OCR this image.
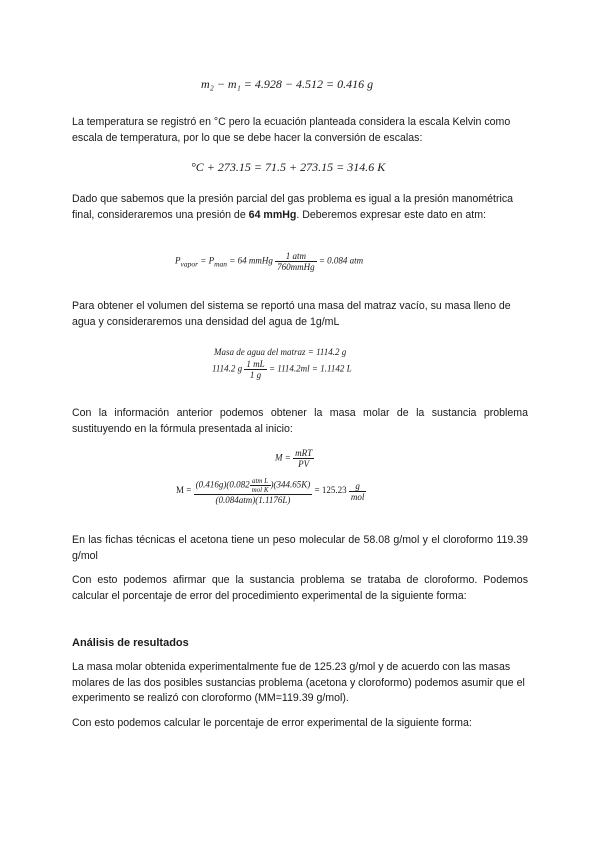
m₂ − m₁ = 4.928 − 4.512 = 0.416 g

La temperatura se registró en °C pero la ecuación planteada considera la escala Kelvin como escala de temperatura, por lo que se debe hacer la conversión de escalas:

°C + 273.15 = 71.5 + 273.15 = 314.6 K

Dado que sabemos que la presión parcial del gas problema es igual a la presión manométrica final, consideraremos una presión de 64 mmHg. Deberemos expresar este dato en atm:

$P_{vapor} = P_{man} = 64$ mmHg $\frac{\text{1 atm}}{\text{760mmHg}} = 0.084$ atm

Para obtener el volumen del sistema se reportó una masa del matraz vacío, su masa lleno de agua y consideraremos una densidad del agua de 1g/mL

Masa de agua del matraz = 1114.2 g
1114.2 g $\frac{1 mL}{1 g} = 1114.2ml = 1.1142$ L

Con la información anterior podemos obtener la masa molar de la sustancia problema sustituyendo en la fórmula presentada al inicio:

$M = \frac{\text{mRT}}{PV}$
$M = \frac{(0.416g)(0.082 \frac{\text{atm L}}{\text{mol K}} )(344.65K)}{\text{(0.084atm)(1.1176L)}} = 125.23 \frac{g}{\text{mol}}$

En las fichas técnicas el acetona tiene un peso molecular de 58.08 g/mol y el cloroformo 119.39 g/mol

Con esto podemos afirmar que la sustancia problema se trataba de cloroformo. Podemos calcular el porcentaje de error del procedimiento experimental de la siguiente forma:

Análisis de resultados

La masa molar obtenida experimentalmente fue de 125.23 g/mol y de acuerdo con las masas molares de las dos posibles sustancias problema (acetona y cloroformo) podemos asumir que el experimento se realizó con cloroformo (MM=119.39 g/mol).

Con esto podemos calcular le porcentaje de error experimental de la siguiente forma:
